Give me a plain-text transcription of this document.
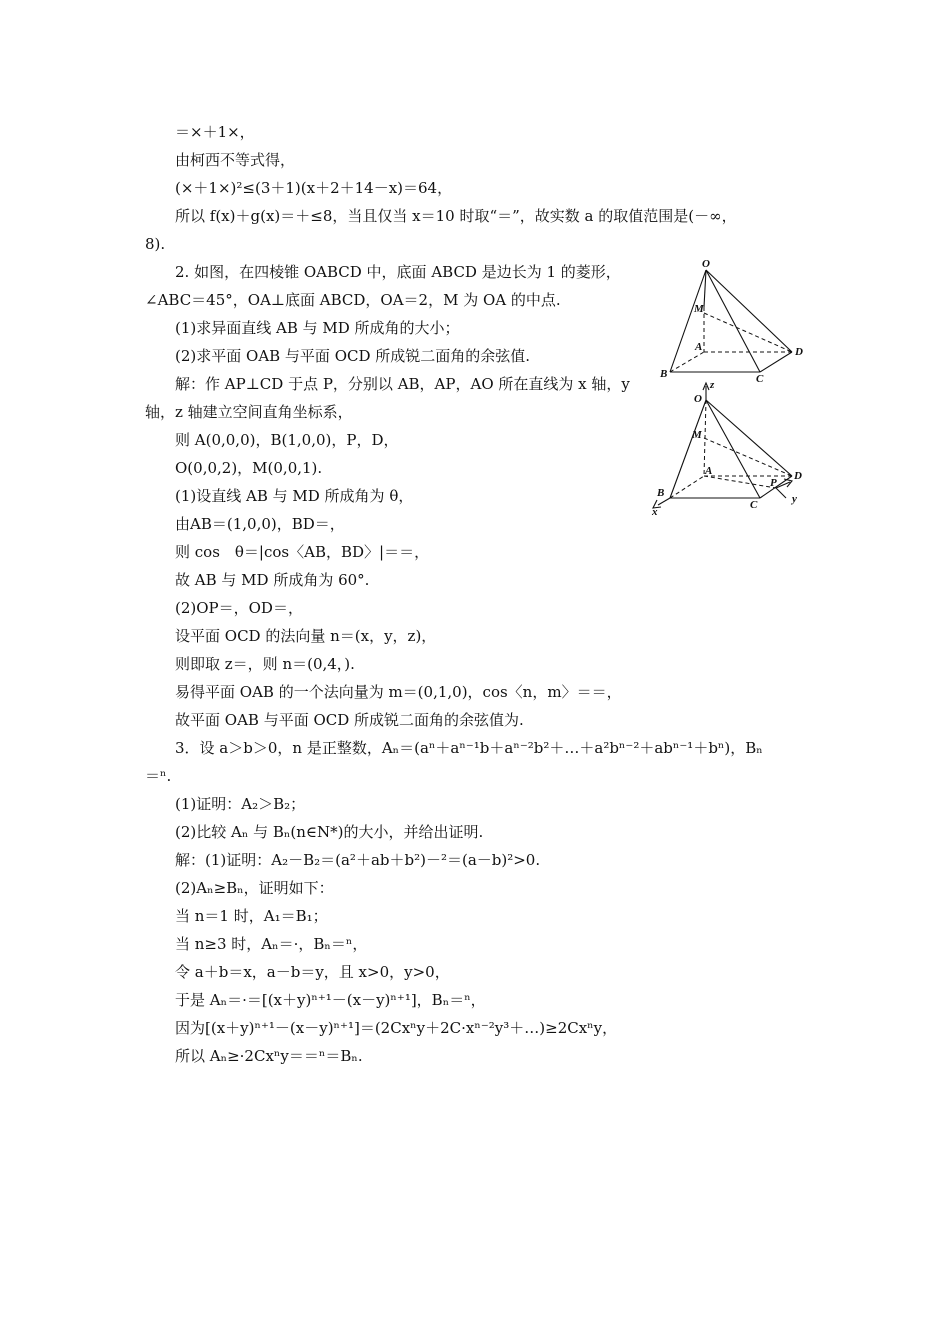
＝×＋1×，
由柯西不等式得，
(×＋1×)²≤(3＋1)(x＋2＋14－x)＝64，
所以 f(x)＋g(x)＝＋≤8，当且仅当 x＝10 时取“＝”，故实数 a 的取值范围是(－∞，
8).
2. 如图，在四棱锥 OABCD 中，底面 ABCD 是边长为 1 的菱形，
∠ABC＝45°，OA⊥底面 ABCD，OA＝2，M 为 OA 的中点.
(1)求异面直线 AB 与 MD 所成角的大小；
(2)求平面 OAB 与平面 OCD 所成锐二面角的余弦值.
解：作 AP⊥CD 于点 P，分别以 AB，AP，AO 所在直线为 x 轴，y
轴，z 轴建立空间直角坐标系，
则 A(0,0,0)，B(1,0,0)，P，D，
O(0,0,2)，M(0,0,1).
(1)设直线 AB 与 MD 所成角为 θ，
由AB＝(1,0,0)，BD＝，
则 cos　θ＝|cos〈AB，BD〉|＝＝，
故 AB 与 MD 所成角为 60°.
(2)OP＝，OD＝，
设平面 OCD 的法向量 n＝(x，y，z)，
则即取 z＝，则 n＝(0,4，).
易得平面 OAB 的一个法向量为 m＝(0,1,0)，cos〈n，m〉＝＝，
故平面 OAB 与平面 OCD 所成锐二面角的余弦值为.
3．设 a＞b＞0，n 是正整数，Aₙ＝(aⁿ＋aⁿ⁻¹b＋aⁿ⁻²b²＋…＋a²bⁿ⁻²＋abⁿ⁻¹＋bⁿ)，Bₙ
＝ⁿ.
(1)证明：A₂＞B₂；
(2)比较 Aₙ 与 Bₙ(n∈N*)的大小，并给出证明.
解：(1)证明：A₂－B₂＝(a²＋ab＋b²)－²＝(a－b)²>0.
(2)Aₙ≥Bₙ，证明如下：
当 n＝1 时，A₁＝B₁；
当 n≥3 时，Aₙ＝·，Bₙ＝ⁿ，
令 a＋b＝x，a－b＝y，且 x>0，y>0，
于是 Aₙ＝·＝[(x＋y)ⁿ⁺¹－(x－y)ⁿ⁺¹]，Bₙ＝ⁿ，
因为[(x＋y)ⁿ⁺¹－(x－y)ⁿ⁺¹]＝(2Cxⁿy＋2C·xⁿ⁻²y³＋…)≥2Cxⁿy，
所以 Aₙ≥·2Cxⁿy＝＝ⁿ＝Bₙ.
O
M
A	D
B	C
z
O
M
A	D
B
P
C	y
x
